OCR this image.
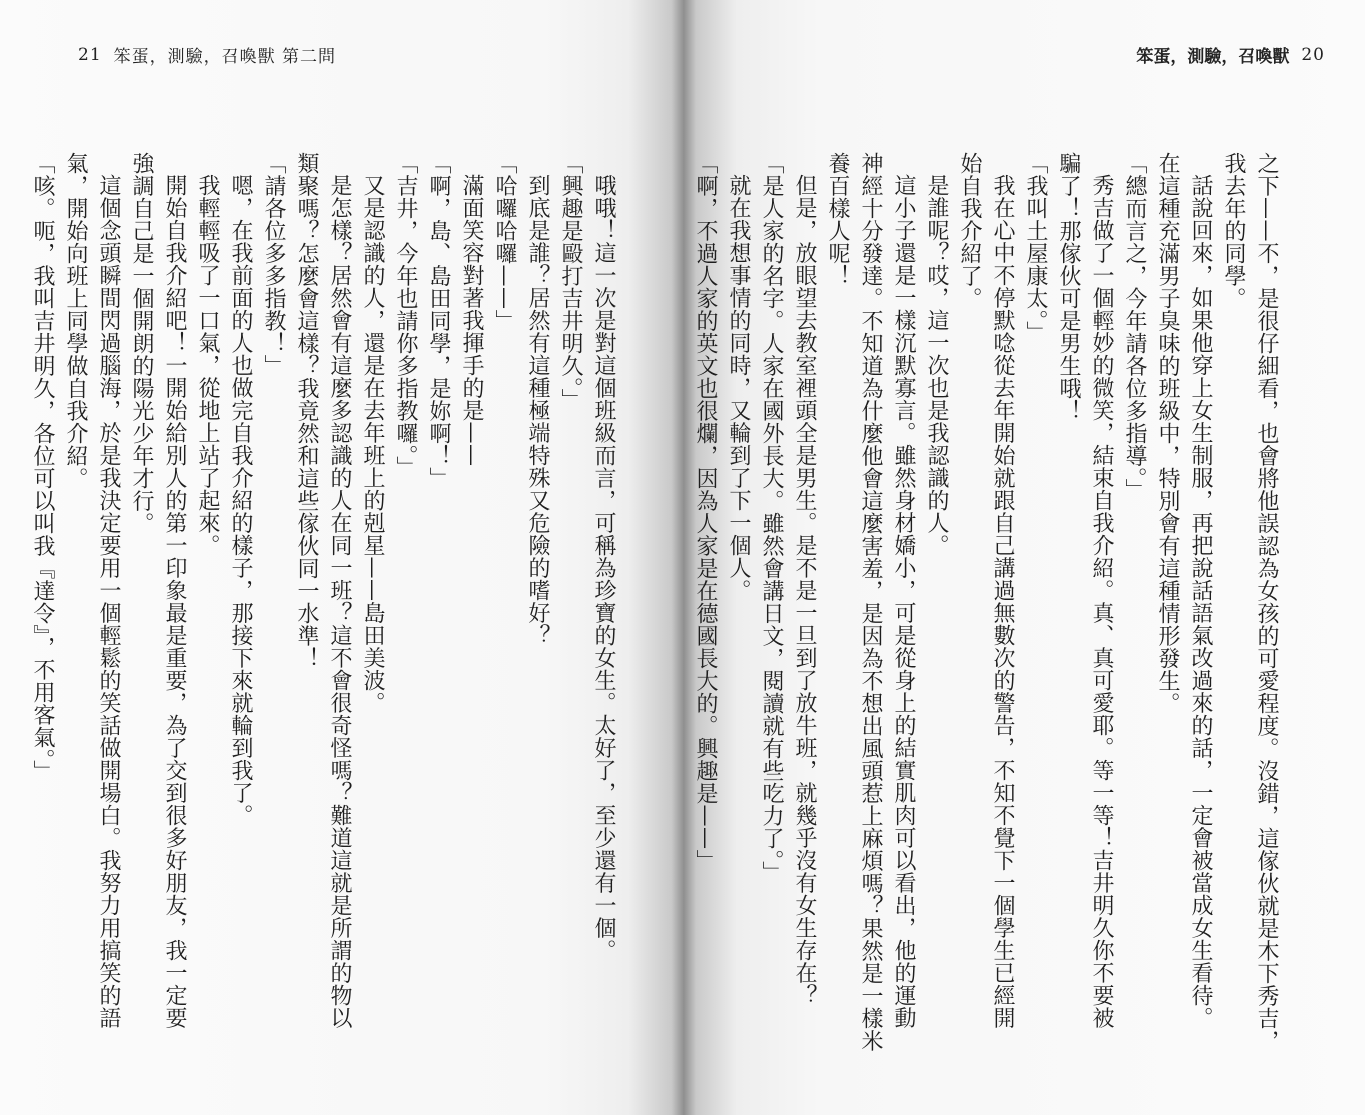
21 笨蛋，測驗，召喚獸 第二問

哦哦！這一次是對這個班級而言，可稱為珍寶的女生。太好了，至少還有一個。

「興趣是毆打吉井明久。」

到底是誰？居然有這種極端特殊又危險的嗜好？

「哈囉哈囉——」

滿面笑容對著我揮手的是——

「啊，島、島田同學，是妳啊！」

「吉井，今年也請你多指教囉。」

又是認識的人，還是在去年班上的剋星——島田美波。

是怎樣？居然會有這麼多認識的人在同一班？這不會很奇怪嗎？難道這就是所謂的物以

類聚嗎？怎麼會這樣？我竟然和這些傢伙同一水準！

「請各位多多指教！」

嗯，在我前面的人也做完自我介紹的樣子，那接下來就輪到我了。

我輕輕吸了一口氣，從地上站了起來。

開始自我介紹吧！一開始給別人的第一印象最是重要，為了交到很多好朋友，我一定要

強調自己是一個開朗的陽光少年才行。

這個念頭瞬間閃過腦海，於是我決定要用一個輕鬆的笑話做開場白。我努力用搞笑的語

氣，開始向班上同學做自我介紹。

「咳。呃，我叫吉井明久，各位可以叫我『達令』，不用客氣。」

笨蛋，測驗，召喚獸 20

之下——不，是很仔細看，也會將他誤認為女孩的可愛程度。沒錯，這傢伙就是木下秀吉，

我去年的同學。

話說回來，如果他穿上女生制服，再把說話語氣改過來的話，一定會被當成女生看待。

在這種充滿男子臭味的班級中，特別會有這種情形發生。

「總而言之，今年請各位多指導。」

秀吉做了一個輕妙的微笑，結束自我介紹。真、真可愛耶。等一等！吉井明久你不要被

騙了！那傢伙可是男生哦！

「我叫土屋康太。」

我在心中不停默唸從去年開始就跟自己講過無數次的警告，不知不覺下一個學生已經開

始自我介紹了。

是誰呢？哎，這一次也是我認識的人。

這小子還是一樣沉默寡言。雖然身材嬌小，可是從身上的結實肌肉可以看出，他的運動

神經十分發達。不知道為什麼他會這麼害羞，是因為不想出風頭惹上麻煩嗎？果然是一樣米

養百樣人呢！

但是，放眼望去教室裡頭全是男生。是不是一旦到了放牛班，就幾乎沒有女生存在？

「是人家的名字。人家在國外長大。雖然會講日文，閱讀就有些吃力了。」

就在我想事情的同時，又輪到了下一個人。

「啊，不過人家的英文也很爛，因為人家是在德國長大的。興趣是——」
